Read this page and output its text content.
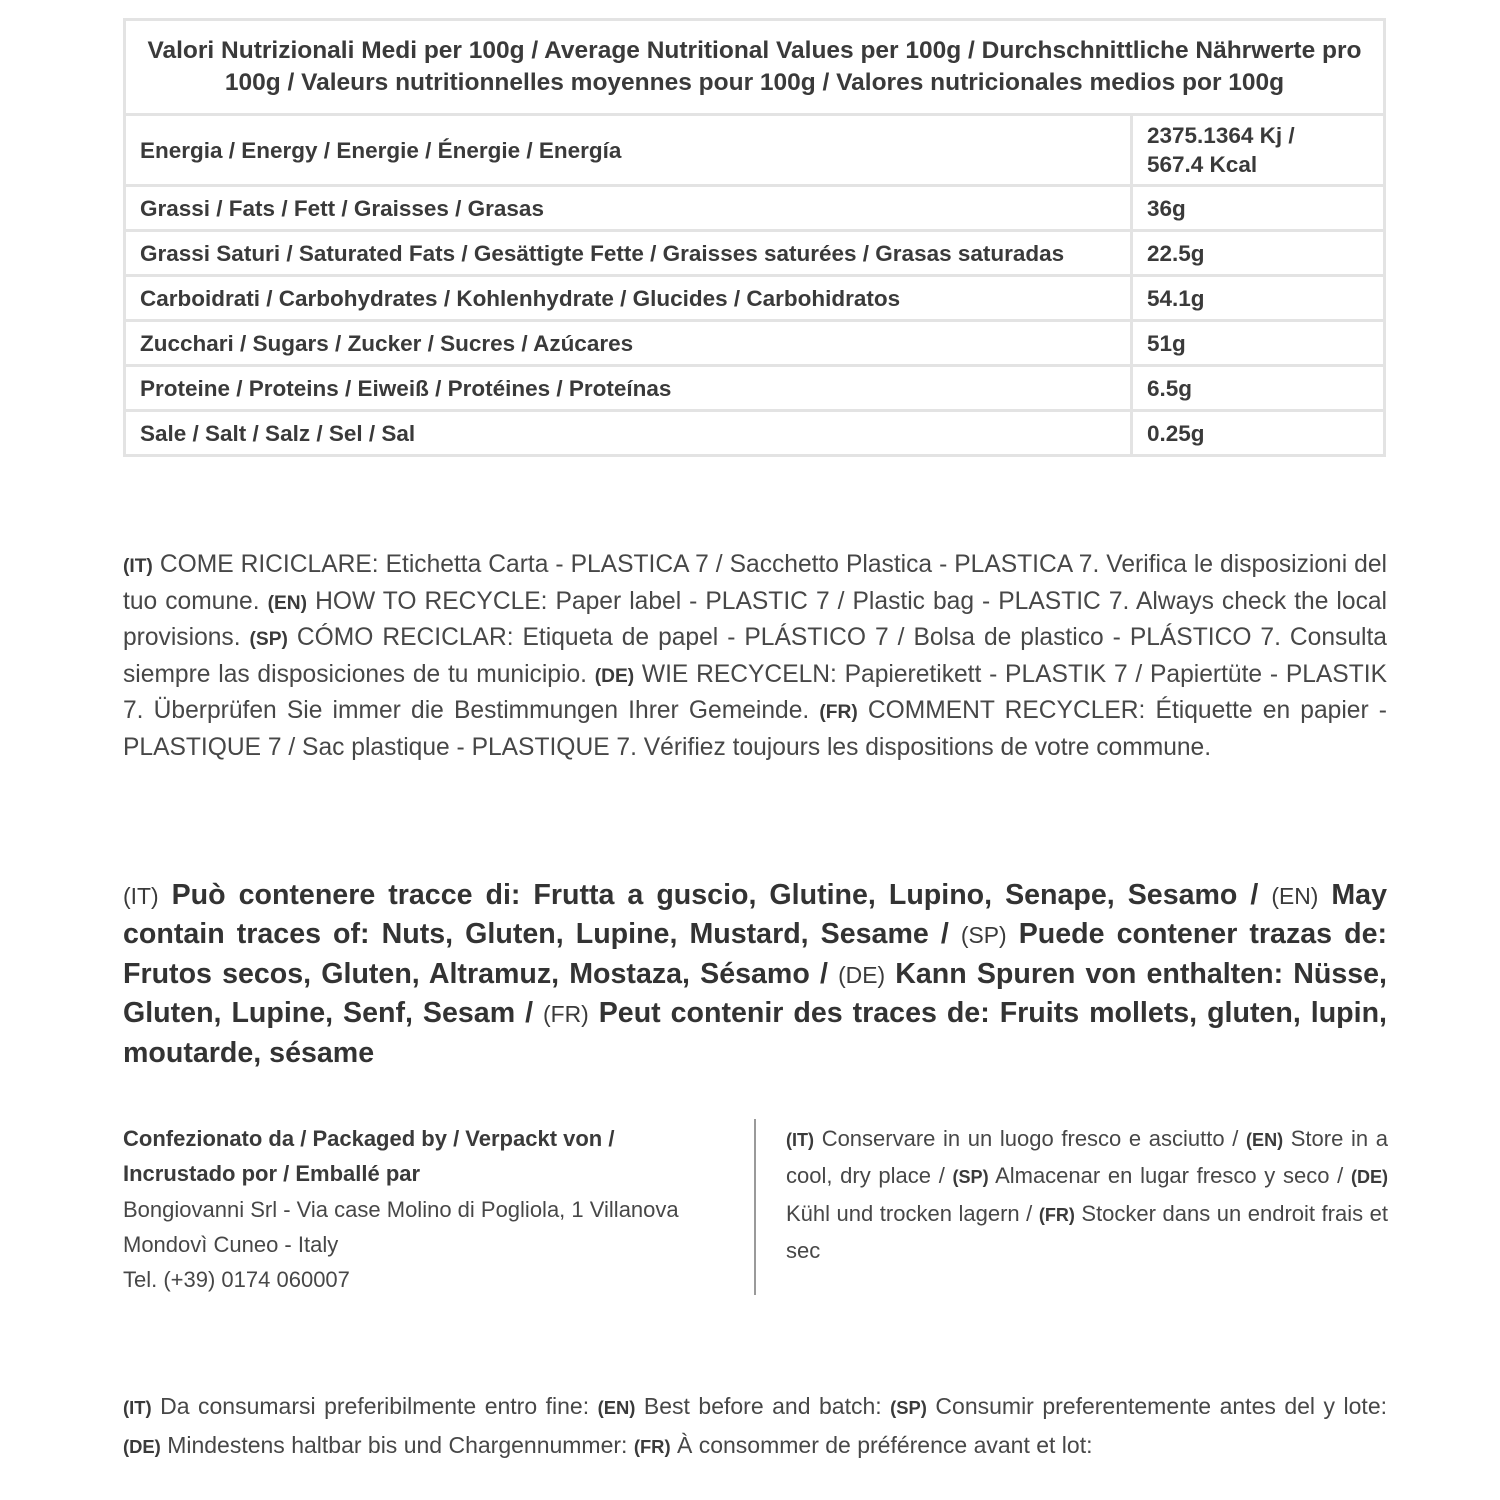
Valori Nutrizionali Medi per 100g / Average Nutritional Values per 100g / Durchschnittliche Nährwerte pro 100g / Valeurs nutritionnelles moyennes pour 100g / Valores nutricionales medios por 100g	
Energia / Energy / Energie / Énergie / Energía	2375.1364 Kj /
567.4 Kcal

Grassi / Fats / Fett / Graisses / Grasas	36g
Grassi Saturi / Saturated Fats / Gesättigte Fette / Graisses saturées / Grasas saturadas	22.5g
Carboidrati / Carbohydrates / Kohlenhydrate / Glucides / Carbohidratos	54.1g
Zucchari / Sugars / Zucker / Sucres / Azúcares	51g
Proteine / Proteins / Eiweiß / Protéines / Proteínas	6.5g
Sale / Salt / Salz / Sel / Sal	0.25g

(IT) COME RICICLARE: Etichetta Carta - PLASTICA 7 / Sacchetto Plastica - PLASTICA 7. Verifica le disposizioni del tuo comune. (EN) HOW TO RECYCLE: Paper label - PLASTIC 7 / Plastic bag - PLASTIC 7. Always check the local provisions. (SP) CÓMO RECICLAR: Etiqueta de papel - PLÁSTICO 7 / Bolsa de plastico - PLÁSTICO 7. Consulta siempre las disposiciones de tu municipio. (DE) WIE RECYCELN: Papieretikett - PLASTIK 7 / Papiertüte - PLASTIK 7. Überprüfen Sie immer die Bestimmungen Ihrer Gemeinde. (FR) COMMENT RECYCLER: Étiquette en papier - PLASTIQUE 7 / Sac plastique - PLASTIQUE 7. Vérifiez toujours les dispositions de votre commune.

(IT) Può contenere tracce di: Frutta a guscio, Glutine, Lupino, Senape, Sesamo / (EN) May contain traces of: Nuts, Gluten, Lupine, Mustard, Sesame / (SP) Puede contener trazas de: Frutos secos, Gluten, Altramuz, Mostaza, Sésamo / (DE) Kann Spuren von enthalten: Nüsse, Gluten, Lupine, Senf, Sesam / (FR) Peut contenir des traces de: Fruits mollets, gluten, lupin, moutarde, sésame

Confezionato da / Packaged by / Verpackt von /
Incrustado por / Emballé par
Bongiovanni Srl - Via case Molino di Pogliola, 1 Villanova
Mondovì Cuneo - Italy
Tel. (+39) 0174 060007

(IT) Conservare in un luogo fresco e asciutto / (EN) Store in a cool, dry place / (SP) Almacenar en lugar fresco y seco / (DE) Kühl und trocken lagern / (FR) Stocker dans un endroit frais et sec

(IT) Da consumarsi preferibilmente entro fine: (EN) Best before and batch: (SP) Consumir preferentemente antes del y lote: (DE) Mindestens haltbar bis und Chargennummer: (FR) À consommer de préférence avant et lot:
